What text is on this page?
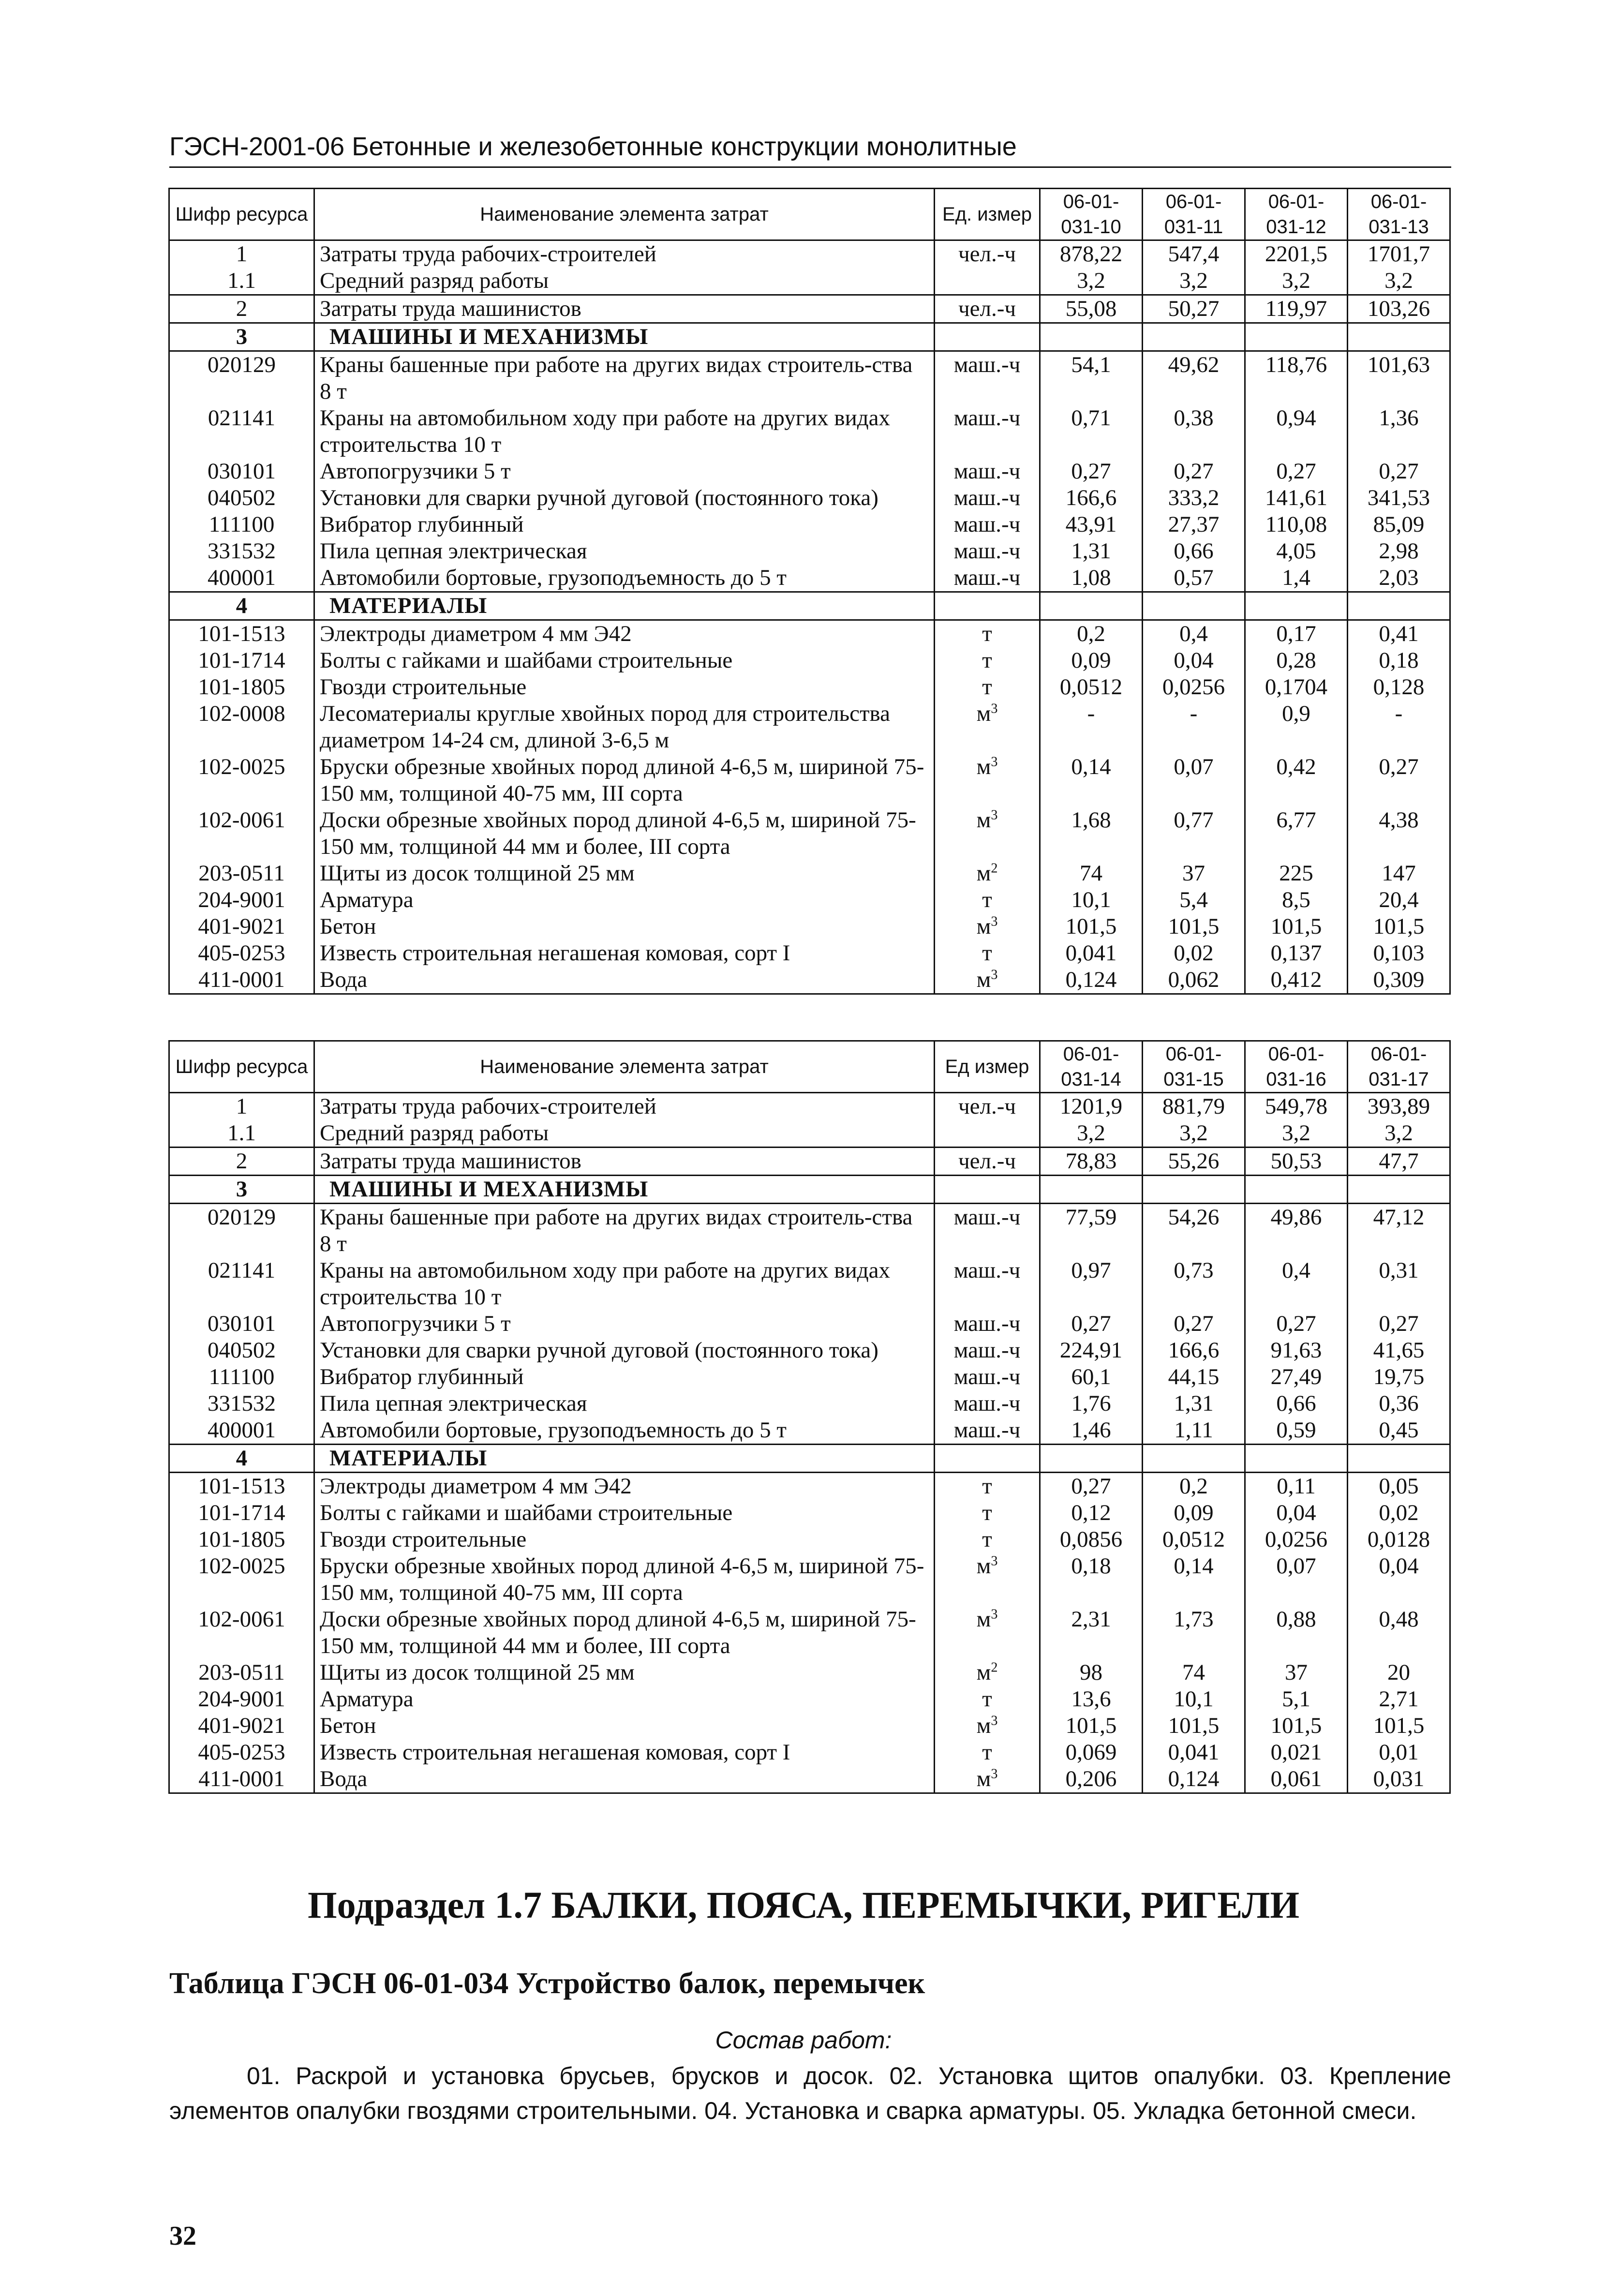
ГЭСН-2001-06 Бетонные и железобетонные конструкции монолитные
Шифр ресурса	Наименование элемента затрат	Ед. измер	06-01-031-10	06-01-031-11	06-01-031-12	06-01-031-13
1	Затраты труда рабочих-строителей	чел.-ч	878,22	547,4	2201,5	1701,7
1.1	Средний разряд работы		3,2	3,2	3,2	3,2
2	Затраты труда машинистов	чел.-ч	55,08	50,27	119,97	103,26
3	МАШИНЫ И МЕХАНИЗМЫ					
020129	Краны башенные при работе на других видах строитель-ства 8 т	маш.-ч	54,1	49,62	118,76	101,63
021141	Краны на автомобильном ходу при работе на других видах строительства 10 т	маш.-ч	0,71	0,38	0,94	1,36
030101	Автопогрузчики 5 т	маш.-ч	0,27	0,27	0,27	0,27
040502	Установки для сварки ручной дуговой (постоянного тока)	маш.-ч	166,6	333,2	141,61	341,53
111100	Вибратор глубинный	маш.-ч	43,91	27,37	110,08	85,09
331532	Пила цепная электрическая	маш.-ч	1,31	0,66	4,05	2,98
400001	Автомобили бортовые, грузоподъемность до 5 т	маш.-ч	1,08	0,57	1,4	2,03
4	МАТЕРИАЛЫ					
101-1513	Электроды диаметром 4 мм Э42	т	0,2	0,4	0,17	0,41
101-1714	Болты с гайками и шайбами строительные	т	0,09	0,04	0,28	0,18
101-1805	Гвозди строительные	т	0,0512	0,0256	0,1704	0,128
102-0008	Лесоматериалы круглые хвойных пород для строительства диаметром 14-24 см, длиной 3-6,5 м	$м^3$	-	-	0,9	-
102-0025	Бруски обрезные хвойных пород длиной 4-6,5 м, шириной 75-150 мм, толщиной 40-75 мм, III сорта	$м^3$	0,14	0,07	0,42	0,27
102-0061	Доски обрезные хвойных пород длиной 4-6,5 м, шириной 75-150 мм, толщиной 44 мм и более, III сорта	$м^3$	1,68	0,77	6,77	4,38
203-0511	Щиты из досок толщиной 25 мм	$м^2$	74	37	225	147
204-9001	Арматура	т	10,1	5,4	8,5	20,4
401-9021	Бетон	$м^3$	101,5	101,5	101,5	101,5
405-0253	Известь строительная негашеная комовая, сорт I	т	0,041	0,02	0,137	0,103
411-0001	Вода	$м^3$	0,124	0,062	0,412	0,309
Шифр ресурса	Наименование элемента затрат	Ед измер	06-01-031-14	06-01-031-15	06-01-031-16	06-01-031-17
1	Затраты труда рабочих-строителей	чел.-ч	1201,9	881,79	549,78	393,89
1.1	Средний разряд работы		3,2	3,2	3,2	3,2
2	Затраты труда машинистов	чел.-ч	78,83	55,26	50,53	47,7
3	МАШИНЫ И МЕХАНИЗМЫ					
020129	Краны башенные при работе на других видах строитель-ства 8 т	маш.-ч	77,59	54,26	49,86	47,12
021141	Краны на автомобильном ходу при работе на других видах строительства 10 т	маш.-ч	0,97	0,73	0,4	0,31
030101	Автопогрузчики 5 т	маш.-ч	0,27	0,27	0,27	0,27
040502	Установки для сварки ручной дуговой (постоянного тока)	маш.-ч	224,91	166,6	91,63	41,65
111100	Вибратор глубинный	маш.-ч	60,1	44,15	27,49	19,75
331532	Пила цепная электрическая	маш.-ч	1,76	1,31	0,66	0,36
400001	Автомобили бортовые, грузоподъемность до 5 т	маш.-ч	1,46	1,11	0,59	0,45
4	МАТЕРИАЛЫ					
101-1513	Электроды диаметром 4 мм Э42	т	0,27	0,2	0,11	0,05
101-1714	Болты с гайками и шайбами строительные	т	0,12	0,09	0,04	0,02
101-1805	Гвозди строительные	т	0,0856	0,0512	0,0256	0,0128
102-0025	Бруски обрезные хвойных пород длиной 4-6,5 м, шириной 75-150 мм, толщиной 40-75 мм, III сорта	$м^3$	0,18	0,14	0,07	0,04
102-0061	Доски обрезные хвойных пород длиной 4-6,5 м, шириной 75-150 мм, толщиной 44 мм и более, III сорта	$м^3$	2,31	1,73	0,88	0,48
203-0511	Щиты из досок толщиной 25 мм	$м^2$	98	74	37	20
204-9001	Арматура	т	13,6	10,1	5,1	2,71
401-9021	Бетон	$м^3$	101,5	101,5	101,5	101,5
405-0253	Известь строительная негашеная комовая, сорт I	т	0,069	0,041	0,021	0,01
411-0001	Вода	$м^3$	0,206	0,124	0,061	0,031
Подраздел 1.7 БАЛКИ, ПОЯСА, ПЕРЕМЫЧКИ, РИГЕЛИ
Таблица ГЭСН 06-01-034 Устройство балок, перемычек
Состав работ:
01. Раскрой и установка брусьев, брусков и досок. 02. Установка щитов опалубки. 03. Крепление элементов опалубки гвоздями строительными. 04. Установка и сварка арматуры. 05. Укладка бетонной смеси.
32
